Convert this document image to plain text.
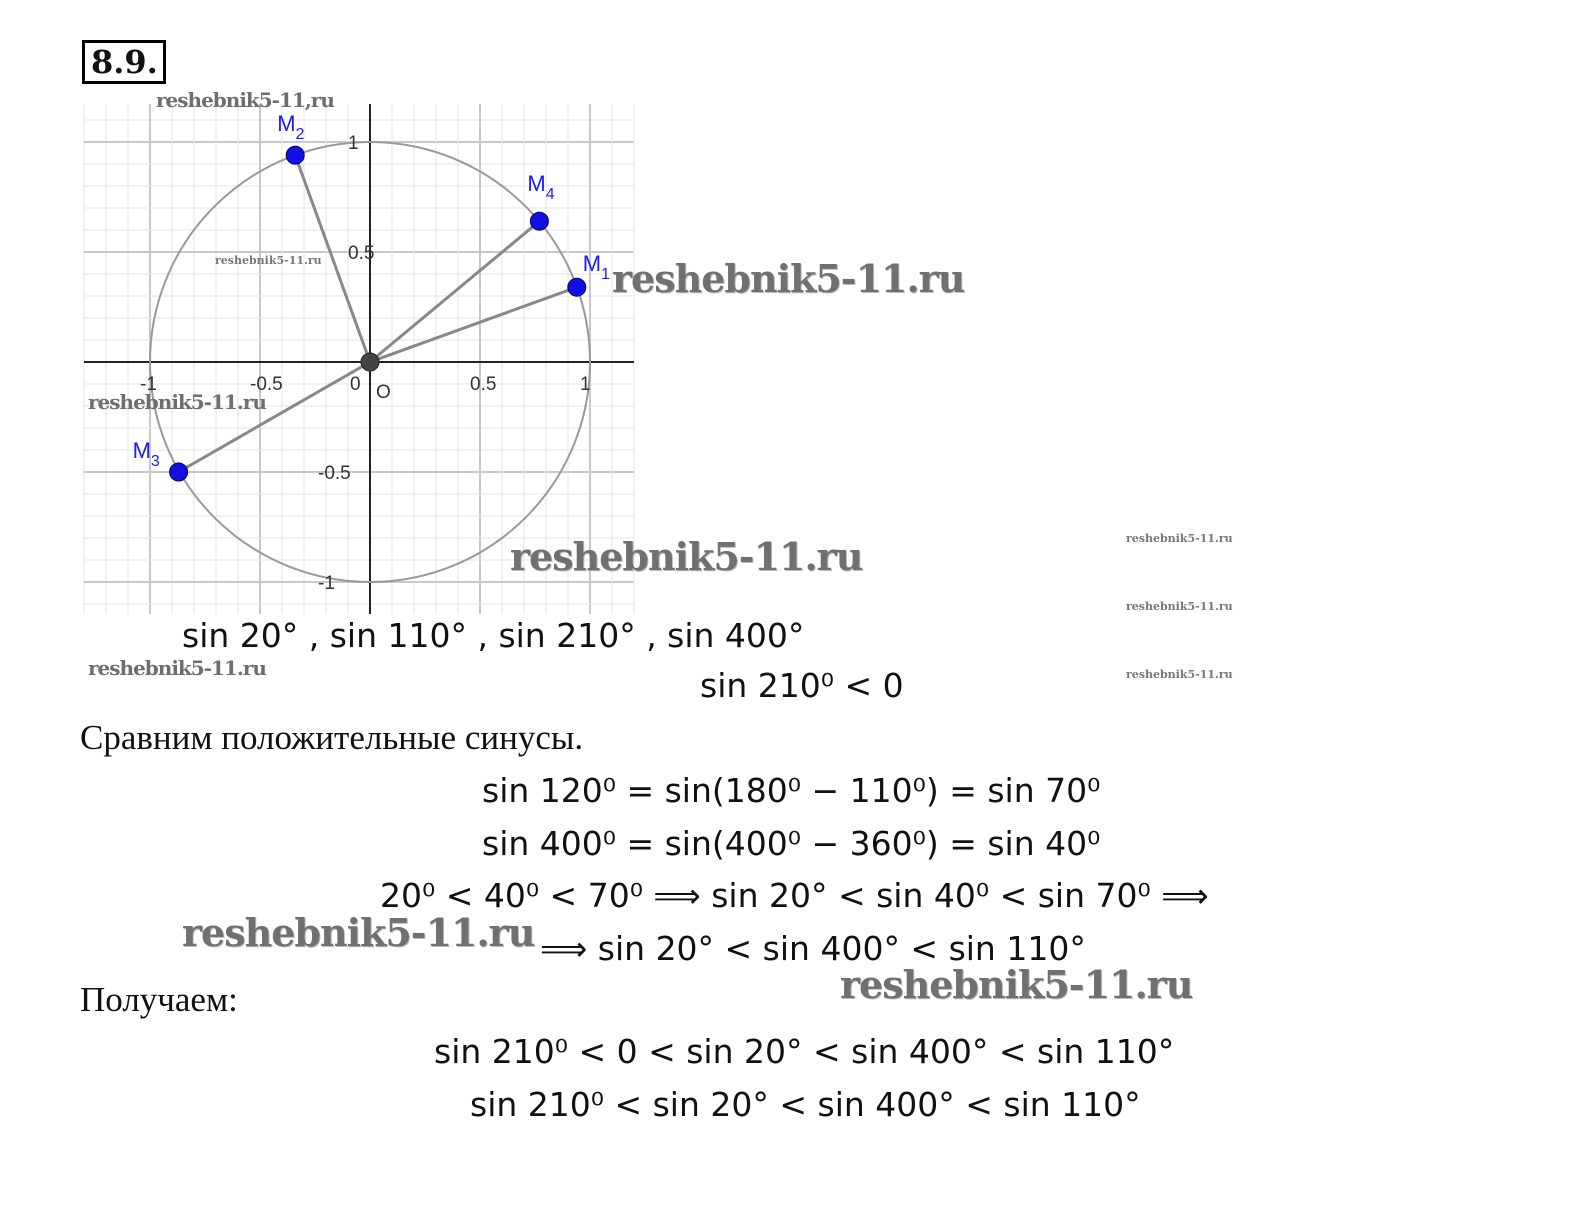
8.9.
-1	-0.5	0	0.5	1
1
0.5
-0.5
-1
O
$M_1$
$M_2$
$M_3$
$M_4$
reshebnik5-11,ru
reshebnik5-11.ru	reshebnik5-11.ru
reshebnik5-11.ru
reshebnik5-11.ru	reshebnik5-11.ru
reshebnik5-11.ru
reshebnik5-11.ru
reshebnik5-11.ru
sin 20° , sin 110° , sin 210° , sin 400°
sin 210⁰ < 0
Сравним положительные синусы.
sin 120⁰ = sin(180⁰ − 110⁰) = sin 70⁰
sin 400⁰ = sin(400⁰ − 360⁰) = sin 40⁰
20⁰ < 40⁰ < 70⁰ ⟹ sin 20° < sin 40⁰ < sin 70⁰ ⟹
reshebnik5-11.ru ⟹ sin 20° < sin 400° < sin 110°
reshebnik5-11.ru
Получаем:
sin 210⁰ < 0 < sin 20° < sin 400° < sin 110°
sin 210⁰ < sin 20° < sin 400° < sin 110°
